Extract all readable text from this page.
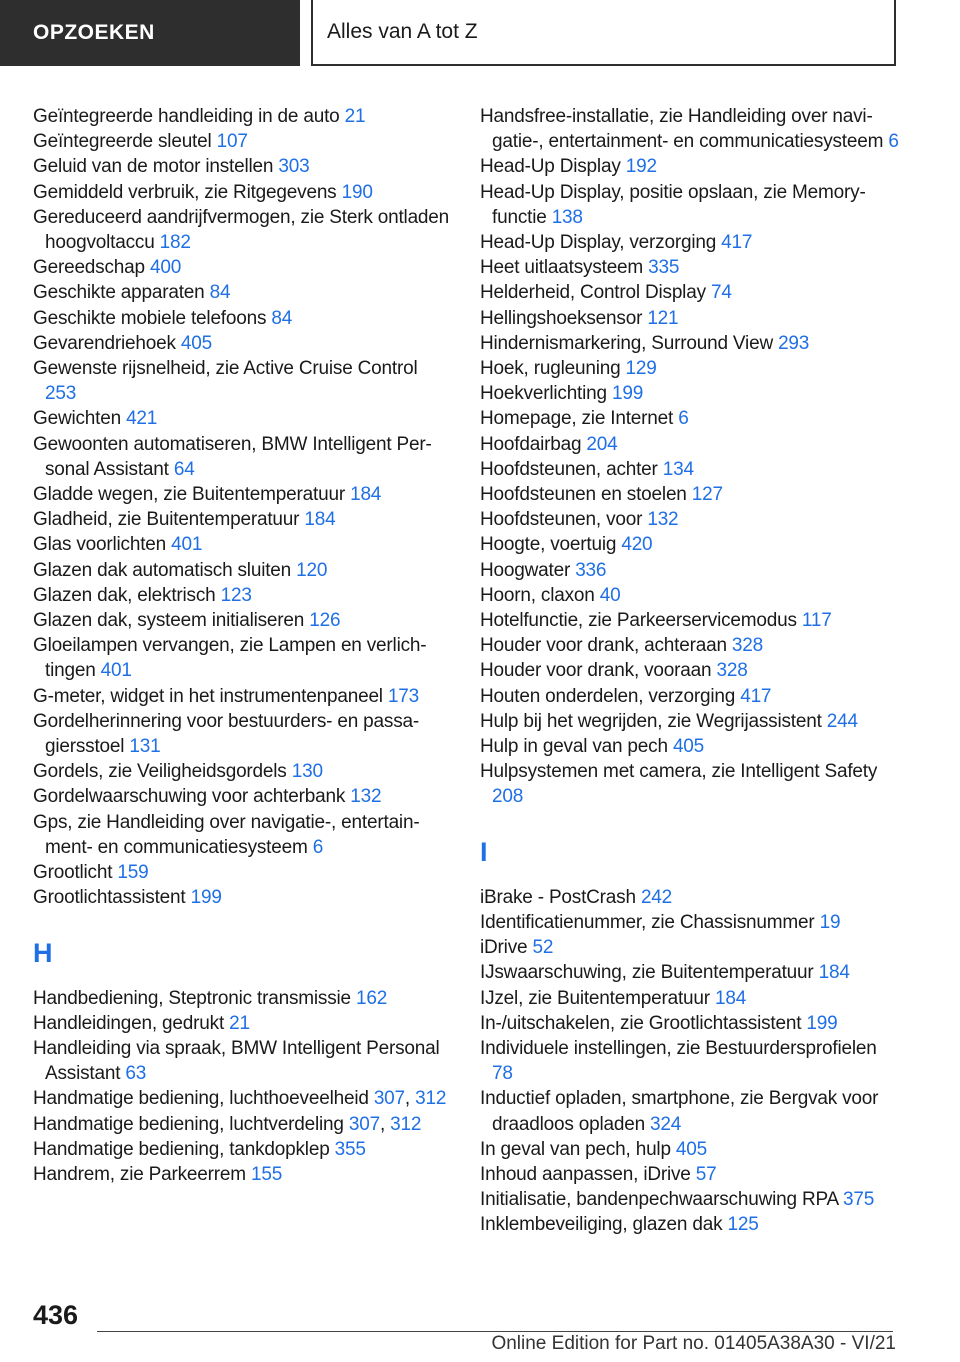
OPZOEKEN	Alles van A tot Z
Geïntegreerde handleiding in de auto 21
Geïntegreerde sleutel 107
Geluid van de motor instellen 303
Gemiddeld verbruik, zie Ritgegevens 190
Gereduceerd aandrijfvermogen, zie Sterk ontladen hoogvoltaccu 182
Gereedschap 400
Geschikte apparaten 84
Geschikte mobiele telefoons 84
Gevarendriehoek 405
Gewenste rijsnelheid, zie Active Cruise Control 253
Gewichten 421
Gewoonten automatiseren, BMW Intelligent Personal Assistant 64
Gladde wegen, zie Buitentemperatuur 184
Gladheid, zie Buitentemperatuur 184
Glas voorlichten 401
Glazen dak automatisch sluiten 120
Glazen dak, elektrisch 123
Glazen dak, systeem initialiseren 126
Gloeilampen vervangen, zie Lampen en verlichtingen 401
G-meter, widget in het instrumentenpaneel 173
Gordelherinnering voor bestuurders- en passagiersstoel 131
Gordels, zie Veiligheidsgordels 130
Gordelwaarschuwing voor achterbank 132
Gps, zie Handleiding over navigatie-, entertainment- en communicatiesysteem 6
Grootlicht 159
Grootlichtassistent 199
H
Handbediening, Steptronic transmissie 162
Handleidingen, gedrukt 21
Handleiding via spraak, BMW Intelligent Personal Assistant 63
Handmatige bediening, luchthoeveelheid 307, 312
Handmatige bediening, luchtverdeling 307, 312
Handmatige bediening, tankdopklep 355
Handrem, zie Parkeerrem 155
Handsfree-installatie, zie Handleiding over navigatie-, entertainment- en communicatiesysteem 6
Head-Up Display 192
Head-Up Display, positie opslaan, zie Memoryfunctie 138
Head-Up Display, verzorging 417
Heet uitlaatsysteem 335
Helderheid, Control Display 74
Hellingshoeksensor 121
Hindernismarkering, Surround View 293
Hoek, rugleuning 129
Hoekverlichting 199
Homepage, zie Internet 6
Hoofdairbag 204
Hoofdsteunen, achter 134
Hoofdsteunen en stoelen 127
Hoofdsteunen, voor 132
Hoogte, voertuig 420
Hoogwater 336
Hoorn, claxon 40
Hotelfunctie, zie Parkeerservicemodus 117
Houder voor drank, achteraan 328
Houder voor drank, vooraan 328
Houten onderdelen, verzorging 417
Hulp bij het wegrijden, zie Wegrijassistent 244
Hulp in geval van pech 405
Hulpsystemen met camera, zie Intelligent Safety 208
I
iBrake - PostCrash 242
Identificatienummer, zie Chassisnummer 19
iDrive 52
IJswaarschuwing, zie Buitentemperatuur 184
IJzel, zie Buitentemperatuur 184
In-/uitschakelen, zie Grootlichtassistent 199
Individuele instellingen, zie Bestuurdersprofielen 78
Inductief opladen, smartphone, zie Bergvak voor draadloos opladen 324
In geval van pech, hulp 405
Inhoud aanpassen, iDrive 57
Initialisatie, bandenpechwaarschuwing RPA 375
Inklembeveiliging, glazen dak 125
436
Online Edition for Part no. 01405A38A30 - VI/21
